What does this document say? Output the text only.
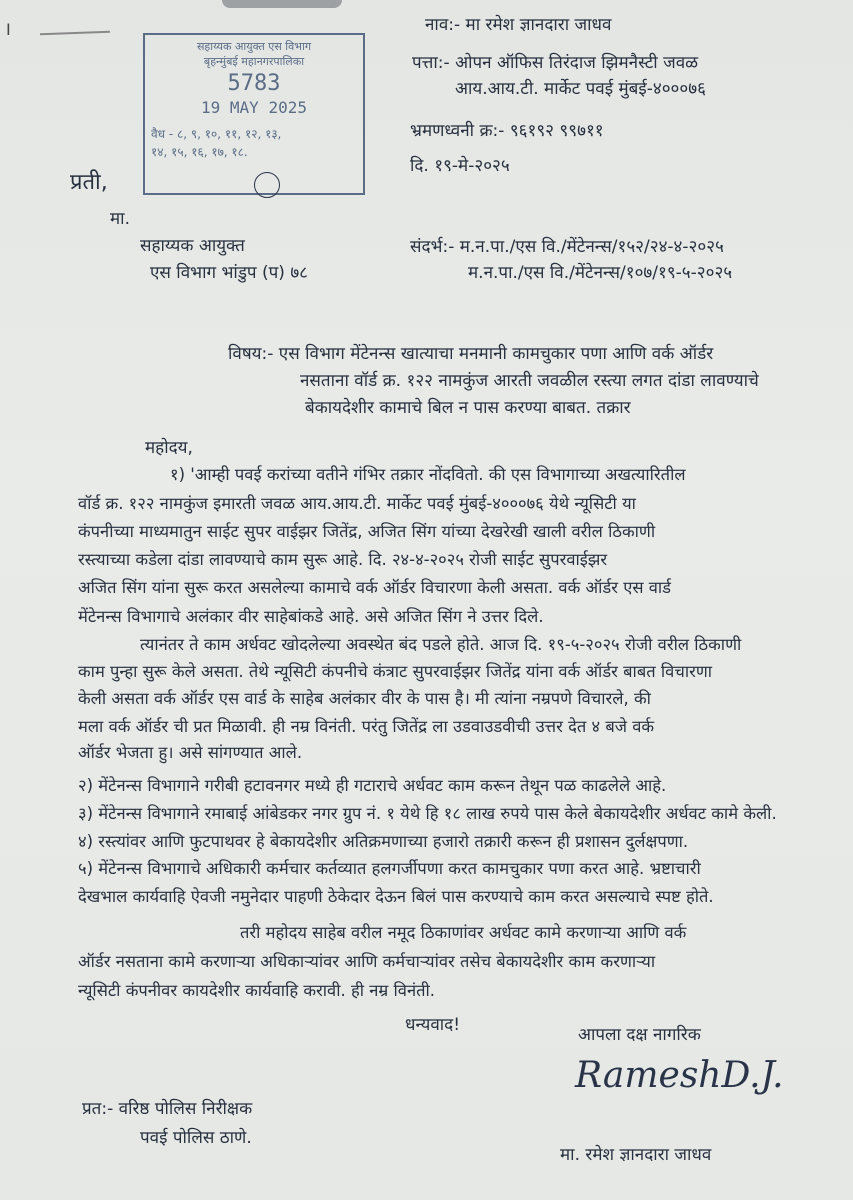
I
सहाय्यक आयुक्त एस विभाग
बृहन्मुंबई महानगरपालिका
5783
19 MAY 2025
वैध - ८, ९, १०, ११, १२, १३,
१४, १५, १६, १७, १८.
नाव:- मा रमेश ज्ञानदारा जाधव
पत्ता:- ओपन ऑफिस तिरंदाज झिमनैस्टी जवळ
आय.आय.टी. मार्केट पवई मुंबई-४०००७६
भ्रमणध्वनी क्र:- ९६१९२ ९९७११
दि. १९-मे-२०२५
प्रती,
मा.
सहाय्यक आयुक्त
एस विभाग भांडुप (प) ७८
संदर्भ:- म.न.पा./एस वि./मेंटेनन्स/१५२/२४-४-२०२५
म.न.पा./एस वि./मेंटेनन्स/१०७/१९-५-२०२५
विषय:- एस विभाग मेंटेनन्स खात्याचा मनमानी कामचुकार पणा आणि वर्क ऑर्डर
नसताना वॉर्ड क्र. १२२ नामकुंज आरती जवळील रस्त्या लगत दांडा लावण्याचे
बेकायदेशीर कामाचे बिल न पास करण्या बाबत. तक्रार
महोदय,
१) 'आम्ही पवई करांच्या वतीने गंभिर तक्रार नोंदवितो. की एस विभागाच्या अखत्यारितील
वॉर्ड क्र. १२२ नामकुंज इमारती जवळ आय.आय.टी. मार्केट पवई मुंबई-४०००७६ येथे न्यूसिटी या
कंपनीच्या माध्यमातुन साईट सुपर वाईझर जितेंद्र, अजित सिंग यांच्या देखरेखी खाली वरील ठिकाणी
रस्त्याच्या कडेला दांडा लावण्याचे काम सुरू आहे. दि. २४-४-२०२५ रोजी साईट सुपरवाईझर
अजित सिंग यांना सुरू करत असलेल्या कामाचे वर्क ऑर्डर विचारणा केली असता. वर्क ऑर्डर एस वार्ड
मेंटेनन्स विभागाचे अलंकार वीर साहेबांकडे आहे. असे अजित सिंग ने उत्तर दिले.
त्यानंतर ते काम अर्धवट खोदलेल्या अवस्थेत बंद पडले होते. आज दि. १९-५-२०२५ रोजी वरील ठिकाणी
काम पुन्हा सुरू केले असता. तेथे न्यूसिटी कंपनीचे कंत्राट सुपरवाईझर जितेंद्र यांना वर्क ऑर्डर बाबत विचारणा
केली असता वर्क ऑर्डर एस वार्ड के साहेब अलंकार वीर के पास है। मी त्यांना नम्रपणे विचारले, की
मला वर्क ऑर्डर ची प्रत मिळावी. ही नम्र विनंती. परंतु जितेंद्र ला उडवाउडवीची उत्तर देत ४ बजे वर्क
ऑर्डर भेजता हु। असे सांगण्यात आले.
२) मेंटेनन्स विभागाने गरीबी हटावनगर मध्ये ही गटाराचे अर्धवट काम करून तेथून पळ काढलेले आहे.
३) मेंटेनन्स विभागाने रमाबाई आंबेडकर नगर ग्रुप नं. १ येथे हि १८ लाख रुपये पास केले बेकायदेशीर अर्धवट कामे केली.
४) रस्त्यांवर आणि फुटपाथवर हे बेकायदेशीर अतिक्रमणाच्या हजारो तक्रारी करून ही प्रशासन दुर्लक्षपणा.
५) मेंटेनन्स विभागाचे अधिकारी कर्मचार कर्तव्यात हलगर्जीपणा करत कामचुकार पणा करत आहे. भ्रष्टाचारी
देखभाल कार्यवाहि ऐवजी नमुनेदार पाहणी ठेकेदार देऊन बिलं पास करण्याचे काम करत असल्याचे स्पष्ट होते.
तरी महोदय साहेब वरील नमूद ठिकाणांवर अर्धवट कामे करणाऱ्या आणि वर्क
ऑर्डर नसताना कामे करणाऱ्या अधिकाऱ्यांवर आणि कर्मचाऱ्यांवर तसेच बेकायदेशीर काम करणाऱ्या
न्यूसिटी कंपनीवर कायदेशीर कार्यवाहि करावी. ही नम्र विनंती.
धन्यवाद!	आपला दक्ष नागरिक
RameshD.J.
प्रत:- वरिष्ठ पोलिस निरीक्षक
पवई पोलिस ठाणे.
मा. रमेश ज्ञानदारा जाधव
